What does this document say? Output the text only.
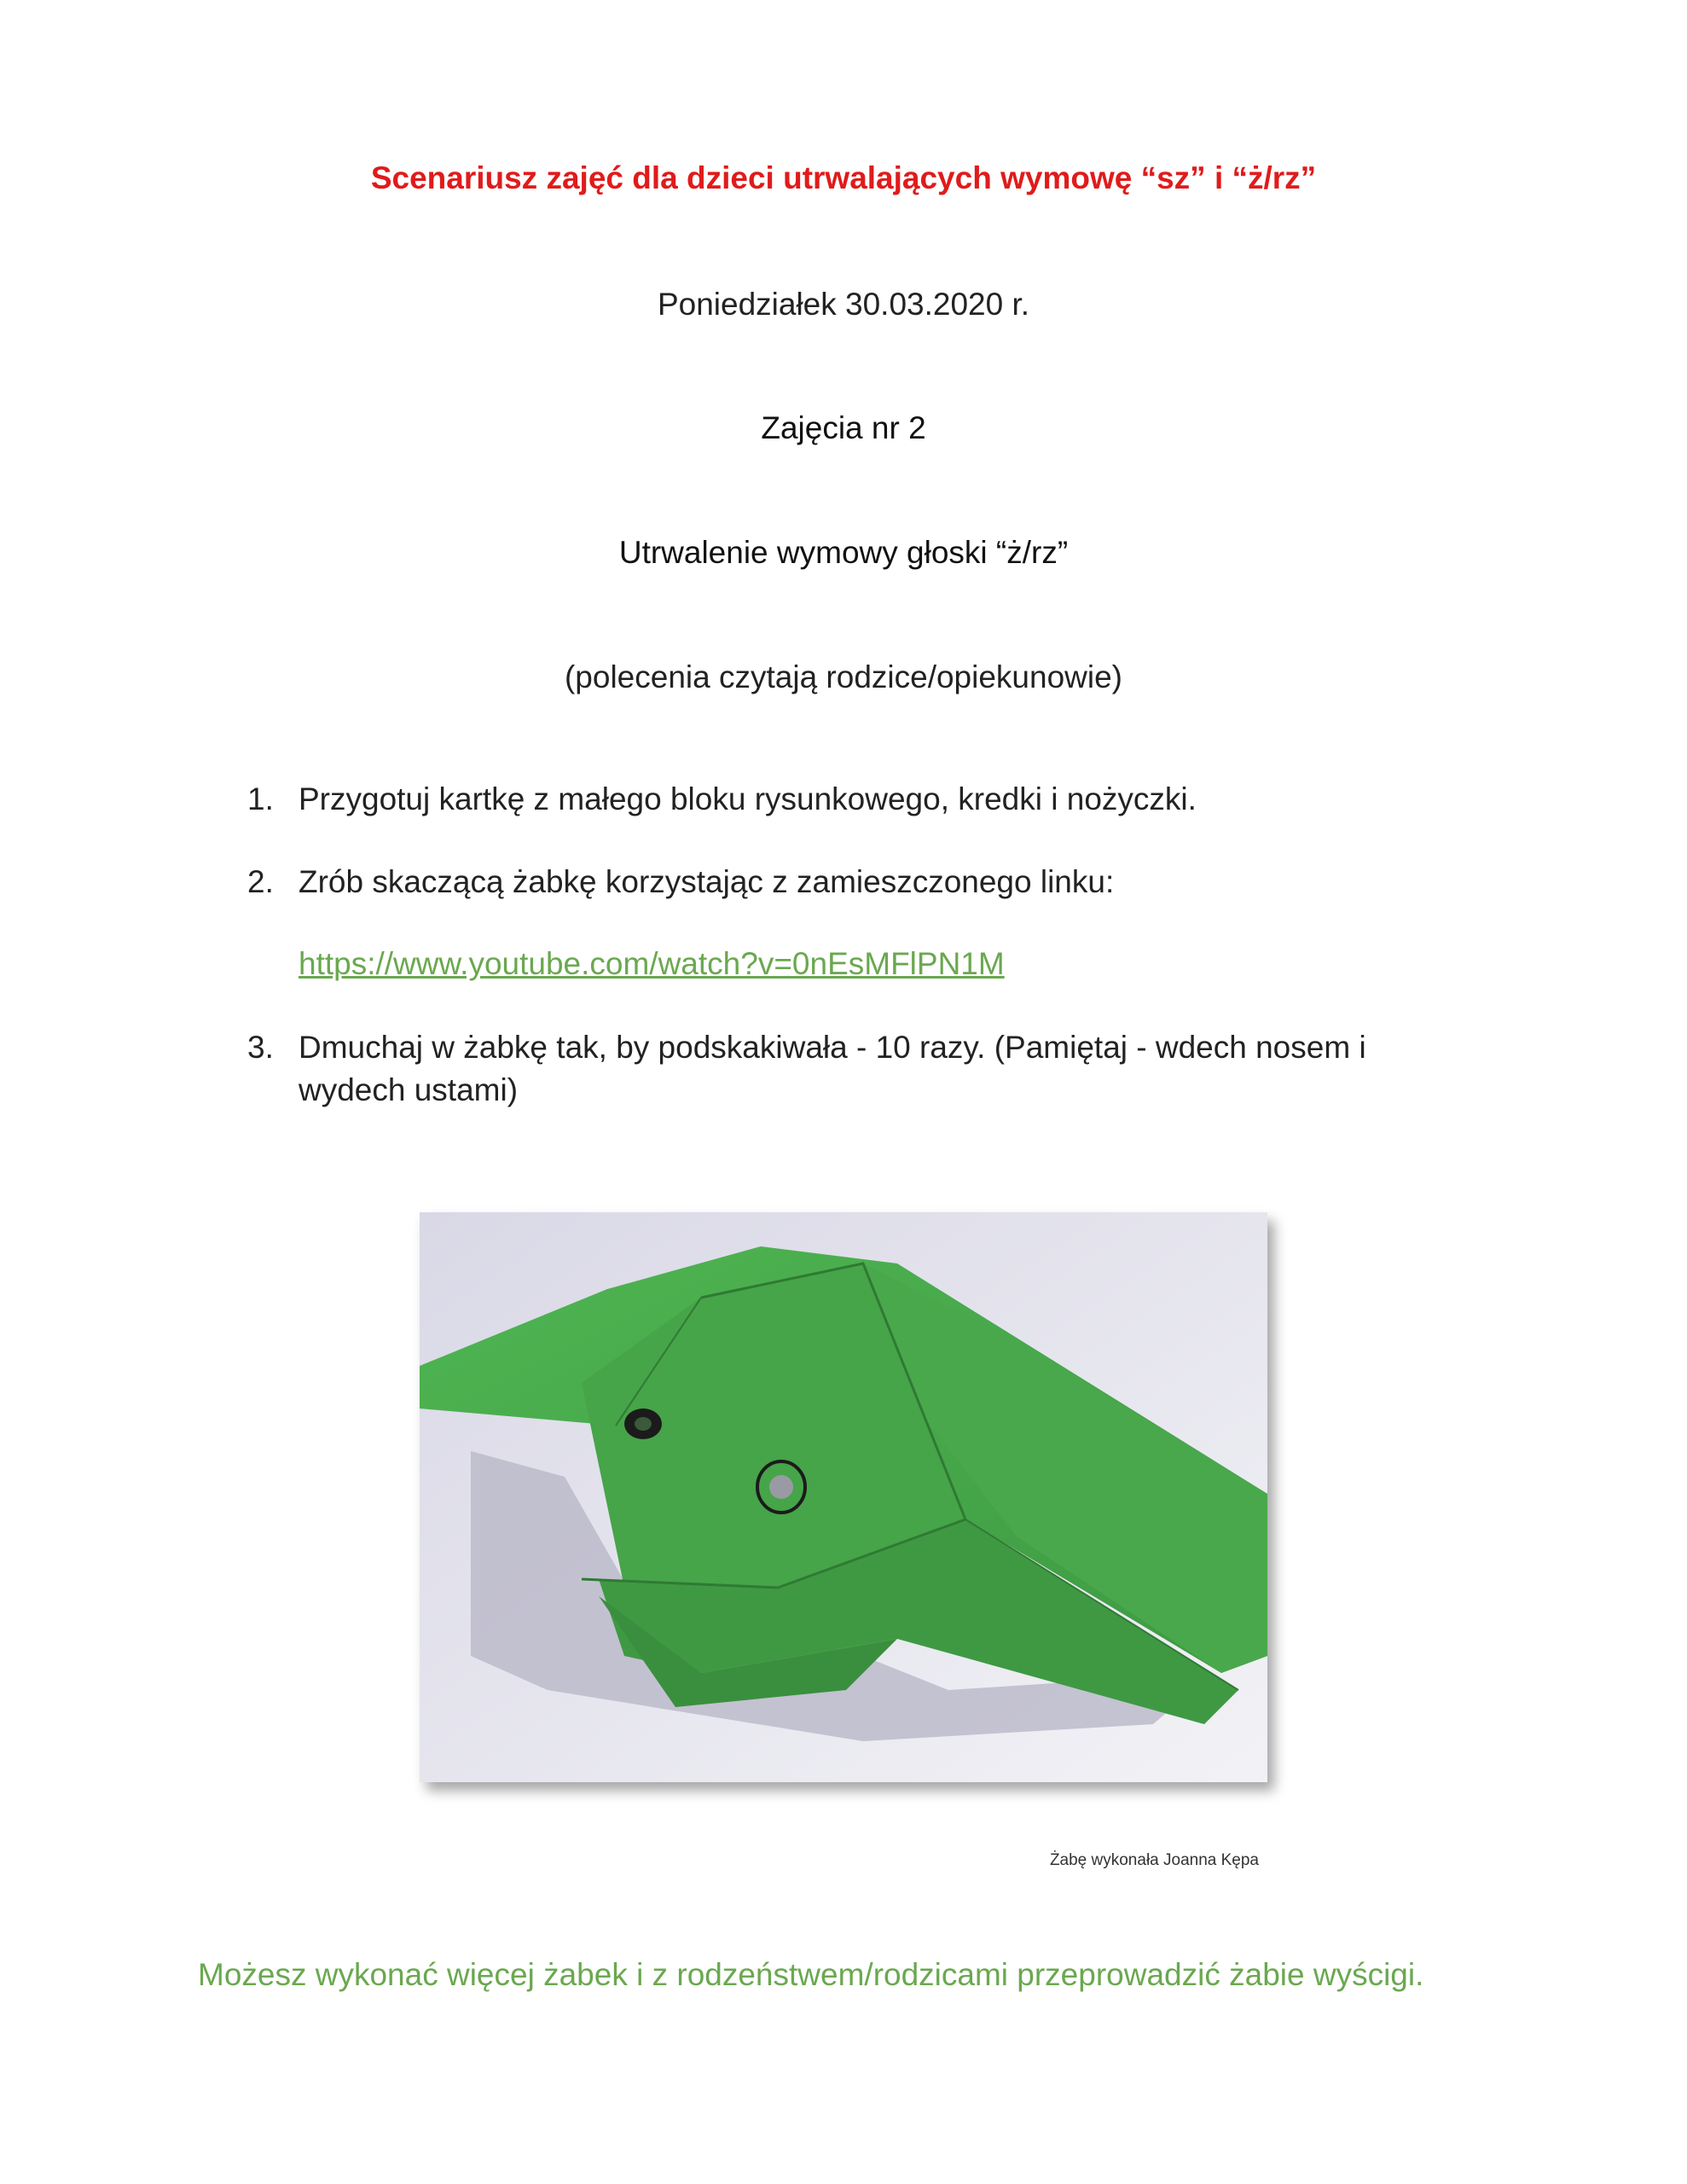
Scenariusz zajęć dla dzieci utrwalających wymowę “sz” i “ż/rz”
Poniedziałek 30.03.2020 r.
Zajęcia nr 2
Utrwalenie wymowy głoski “ż/rz”
(polecenia czytają rodzice/opiekunowie)
1. Przygotuj kartkę z małego bloku rysunkowego, kredki i nożyczki.
2. Zrób skaczącą żabkę korzystając z zamieszczonego linku:
https://www.youtube.com/watch?v=0nEsMFlPN1M
3. Dmuchaj w żabkę tak, by podskakiwała - 10 razy. (Pamiętaj - wdech nosem i wydech ustami)
Żabę wykonała Joanna Kępa
Możesz wykonać więcej żabek i z rodzeństwem/rodzicami przeprowadzić żabie wyścigi.
